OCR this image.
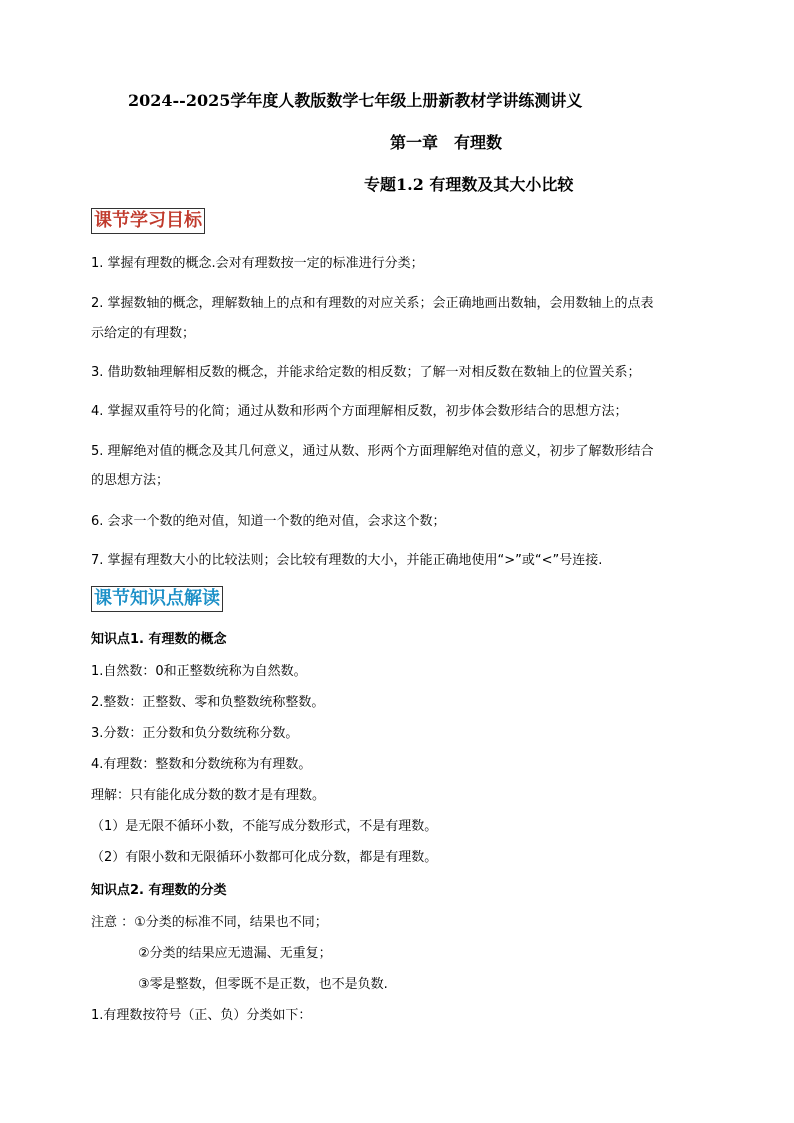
2024--2025学年度人教版数学七年级上册新教材学讲练测讲义
第一章　有理数
专题1.2 有理数及其大小比较
课节学习目标
1. 掌握有理数的概念.会对有理数按一定的标准进行分类；
2. 掌握数轴的概念，理解数轴上的点和有理数的对应关系；会正确地画出数轴，会用数轴上的点表
示给定的有理数；
3. 借助数轴理解相反数的概念，并能求给定数的相反数；了解一对相反数在数轴上的位置关系；
4. 掌握双重符号的化简；通过从数和形两个方面理解相反数，初步体会数形结合的思想方法；
5. 理解绝对值的概念及其几何意义，通过从数、形两个方面理解绝对值的意义，初步了解数形结合
的思想方法；
6. 会求一个数的绝对值，知道一个数的绝对值，会求这个数；
7. 掌握有理数大小的比较法则；会比较有理数的大小，并能正确地使用“>”或“<”号连接.
课节知识点解读
知识点1. 有理数的概念
1.自然数：0和正整数统称为自然数。
2.整数：正整数、零和负整数统称整数。
3.分数：正分数和负分数统称分数。
4.有理数：整数和分数统称为有理数。
理解：只有能化成分数的数才是有理数。
（1）是无限不循环小数，不能写成分数形式，不是有理数。
（2）有限小数和无限循环小数都可化成分数，都是有理数。
知识点2. 有理数的分类
注意 ：①分类的标准不同，结果也不同；
②分类的结果应无遗漏、无重复；
③零是整数，但零既不是正数，也不是负数.
1.有理数按符号（正、负）分类如下：
